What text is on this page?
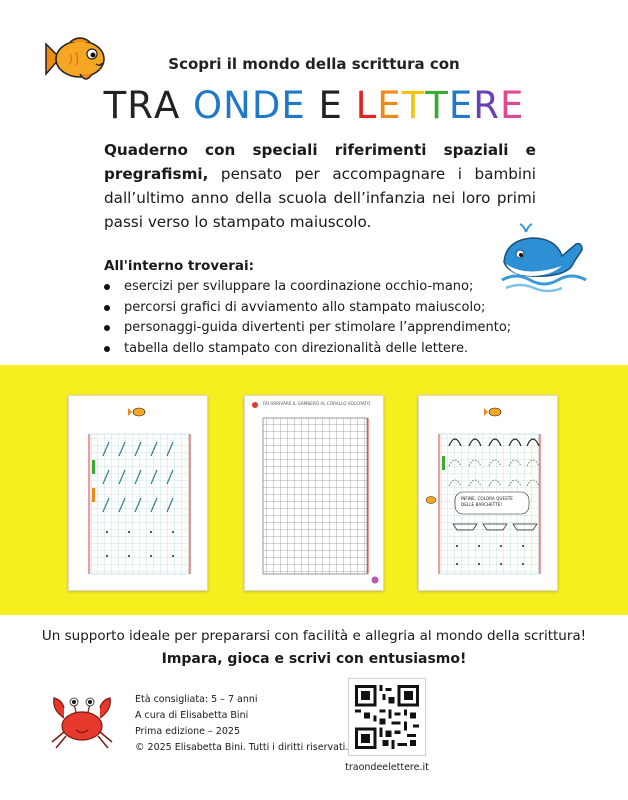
Scopri il mondo della scrittura con
TRA ONDE E LETTERE
Quaderno con speciali riferimenti spaziali e pregrafismi, pensato per accompagnare i bambini dall’ultimo anno della scuola dell’infanzia nei loro primi passi verso lo stampato maiuscolo.
All'interno troverai:
esercizi per sviluppare la coordinazione occhio-mano;
percorsi grafici di avviamento allo stampato maiuscolo;
personaggi-guida divertenti per stimolare l’apprendimento;
tabella dello stampato con direzionalità delle lettere.
FAI ARRIVARE IL GAMBERO AL CORALLO SOLCRATO
INFINE, COLORA QUESTE
DELLE BARCHETTE!
Un supporto ideale per prepararsi con facilità e allegria al mondo della scrittura!
Impara, gioca e scrivi con entusiasmo!
Età consigliata: 5 – 7 anni
A cura di Elisabetta Bini
Prima edizione – 2025
© 2025 Elisabetta Bini. Tutti i diritti riservati.
traondeelettere.it
